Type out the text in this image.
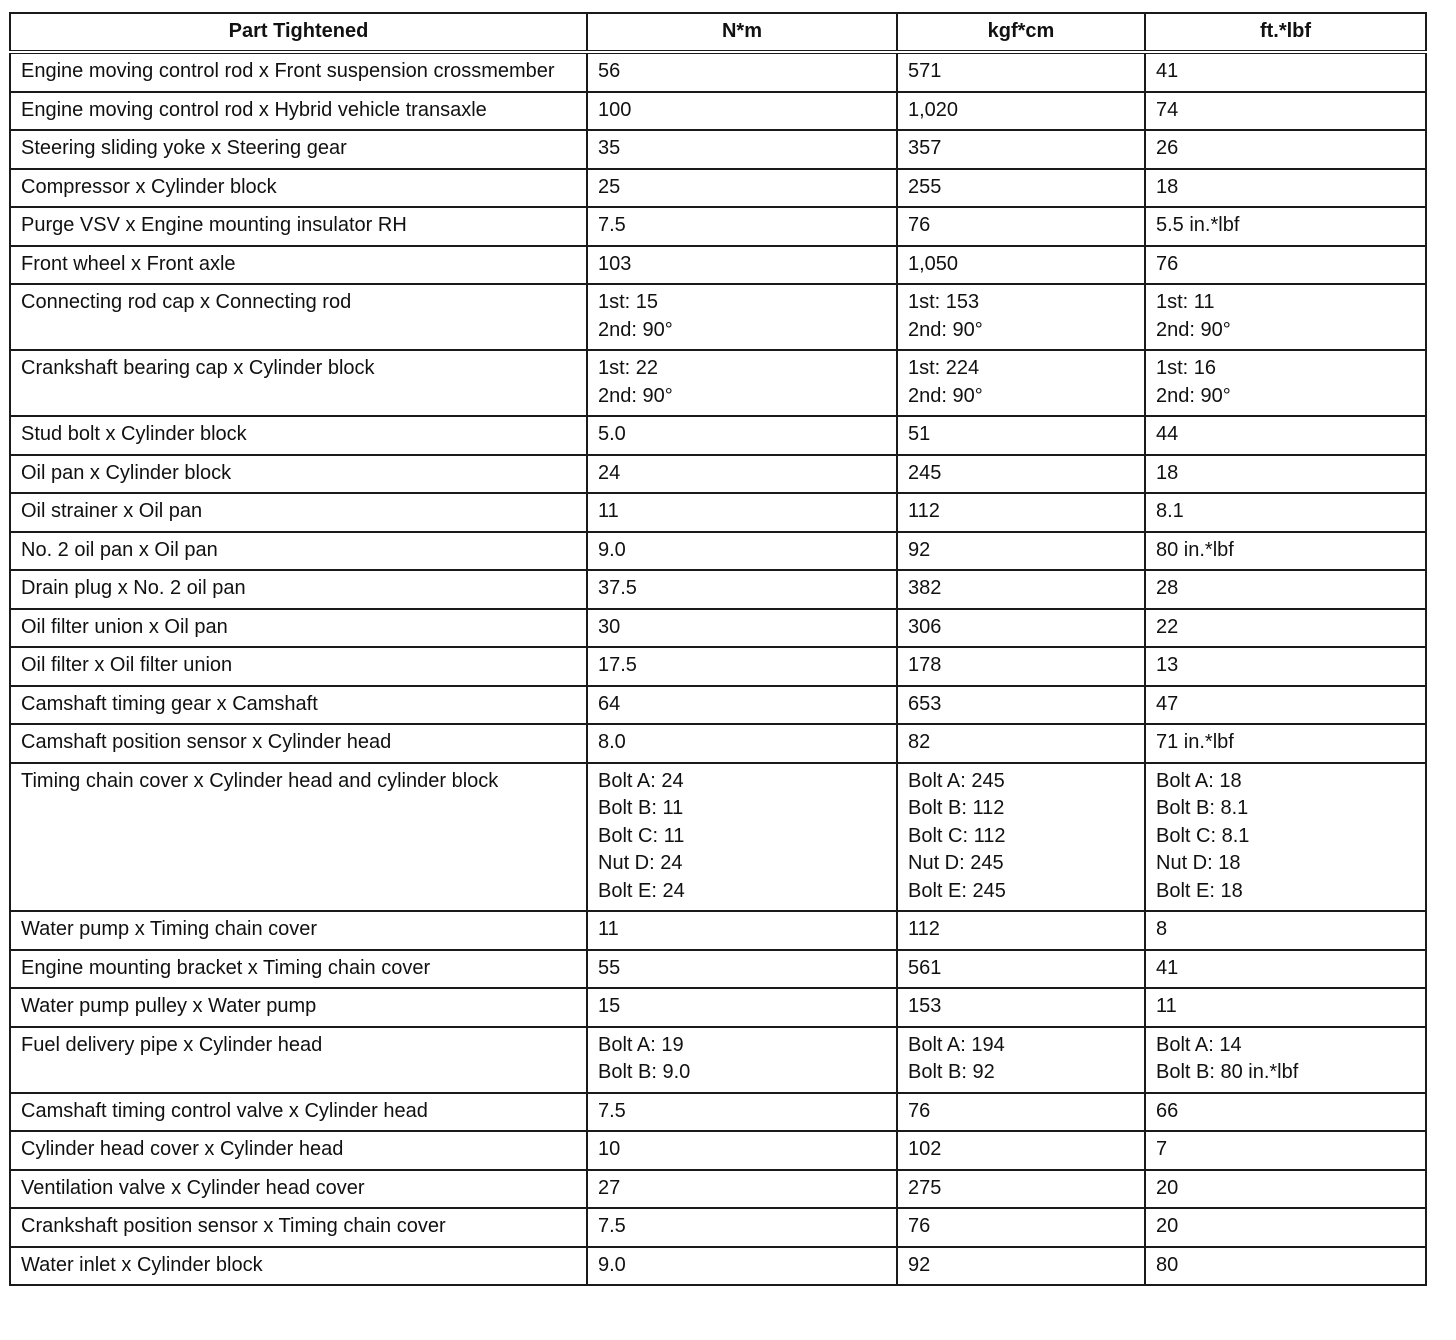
Part Tightened	N*m	kgf*cm	ft.*lbf
Engine moving control rod x Front suspension crossmember	56	571	41

Engine moving control rod x Hybrid vehicle transaxle	100	1,020	74

Steering sliding yoke x Steering gear	35	357	26

Compressor x Cylinder block	25	255	18

Purge VSV x Engine mounting insulator RH	7.5	76	5.5 in.*lbf

Front wheel x Front axle	103	1,050	76

Connecting rod cap x Connecting rod	1st: 15
2nd: 90°	1st: 153
2nd: 90°	1st: 11
2nd: 90°

Crankshaft bearing cap x Cylinder block	1st: 22
2nd: 90°	1st: 224
2nd: 90°	1st: 16
2nd: 90°

Stud bolt x Cylinder block	5.0	51	44

Oil pan x Cylinder block	24	245	18

Oil strainer x Oil pan	11	112	8.1

No. 2 oil pan x Oil pan	9.0	92	80 in.*lbf

Drain plug x No. 2 oil pan	37.5	382	28

Oil filter union x Oil pan	30	306	22

Oil filter x Oil filter union	17.5	178	13

Camshaft timing gear x Camshaft	64	653	47

Camshaft position sensor x Cylinder head	8.0	82	71 in.*lbf

Timing chain cover x Cylinder head and cylinder block	Bolt A: 24
Bolt B: 11
Bolt C: 11
Nut D: 24
Bolt E: 24	Bolt A: 245
Bolt B: 112
Bolt C: 112
Nut D: 245
Bolt E: 245	Bolt A: 18
Bolt B: 8.1
Bolt C: 8.1
Nut D: 18
Bolt E: 18

Water pump x Timing chain cover	11	112	8

Engine mounting bracket x Timing chain cover	55	561	41

Water pump pulley x Water pump	15	153	11

Fuel delivery pipe x Cylinder head	Bolt A: 19
Bolt B: 9.0	Bolt A: 194
Bolt B: 92	Bolt A: 14
Bolt B: 80 in.*lbf

Camshaft timing control valve x Cylinder head	7.5	76	66

Cylinder head cover x Cylinder head	10	102	7

Ventilation valve x Cylinder head cover	27	275	20

Crankshaft position sensor x Timing chain cover	7.5	76	20

Water inlet x Cylinder block	9.0	92	80
